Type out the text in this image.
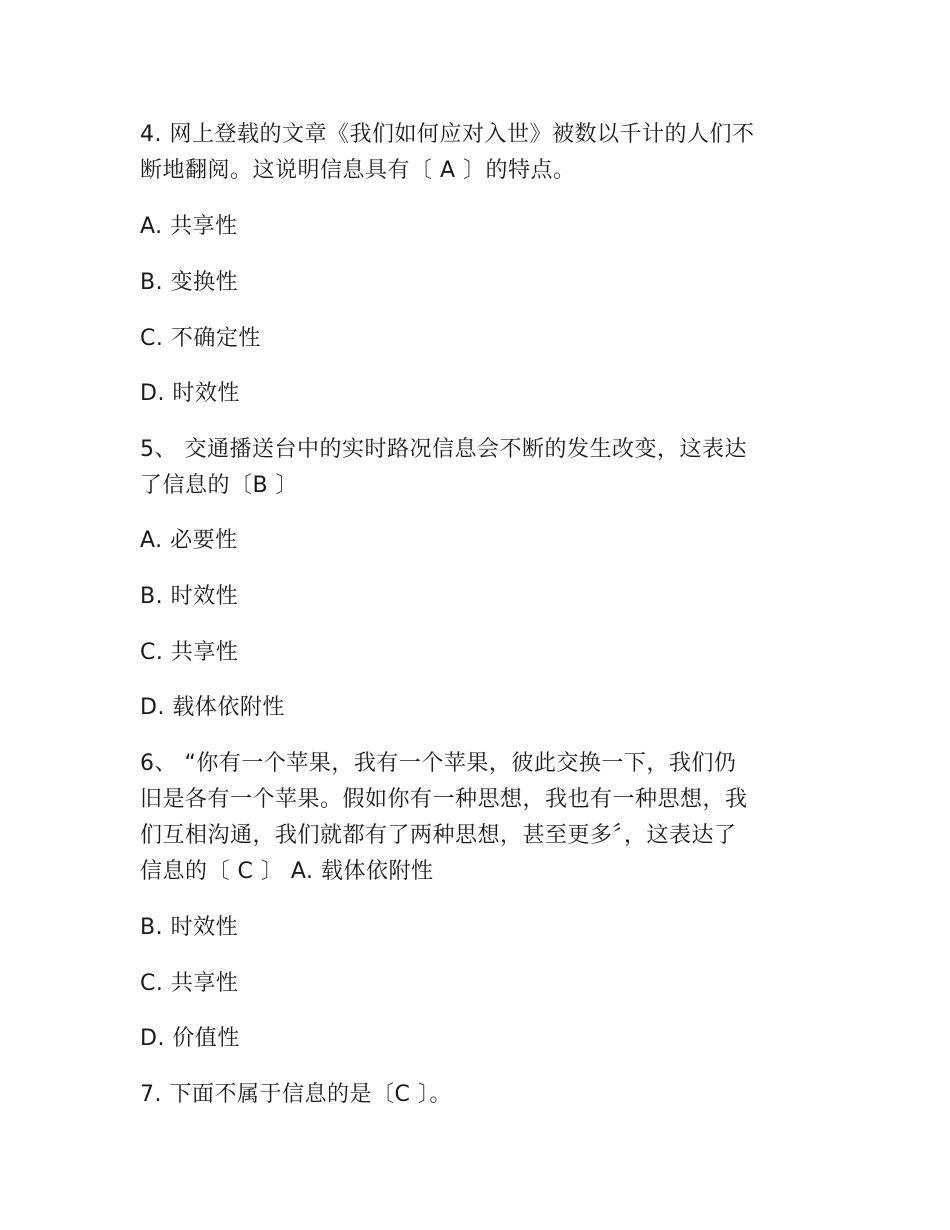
4. 网上登载的文章《我们如何应对入世》被数以千计的人们不
断地翻阅。这说明信息具有〔 A 〕的特点。
A. 共享性
B. 变换性
C. 不确定性
D. 时效性
5、 交通播送台中的实时路况信息会不断的发生改变，这表达
了信息的〔B 〕
A. 必要性
B. 时效性
C. 共享性
D. 载体依附性
6、 “你有一个苹果，我有一个苹果，彼此交换一下，我们仍
旧是各有一个苹果。假如你有一种思想，我也有一种思想，我
们互相沟通，我们就都有了两种思想，甚至更多〞，这表达了
信息的〔 C 〕 A. 载体依附性
B. 时效性
C. 共享性
D. 价值性
7. 下面不属于信息的是〔C 〕。
